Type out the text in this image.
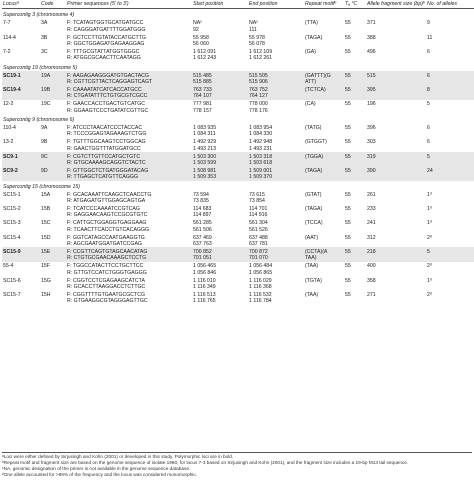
Locusᵃ	Code	Primer sequences (5′ to 3′)	Start position	End position	Repeat motifᵇ	Tₐ °C	Allele fragment size (bp)ᵇ	No. of alleles
Supercontig 3 (chromosome 4)								
7-7	3A	F: TCATAGTGGTGCATGATGCC	NAᶜ	NAᶜ	(TTA)	55	371	9
		R: CAGGGATGATTTTGGATGGG	92	111				
114-4	3B	F: GCTCCTTGTATACCATGCTTG	55 958	55 978	(TAGA)	55	388	11
		R: GGCTGGAGATGAGAAGGAG	56 060	56 078				
7-2	3C	F: TTTGCGTATTATGGTGGGC	1 612 091	1 612 109	(GA)	55	496	6
		R: ATGGCGCAACTTCAATAGG	1 612 243	1 612 261				
Supercontig 19 (chromosome 5)								
SC19-1	19A	F: AAGAGAAGGGATGTGACTACG	515 485	515 505	(GATTT)(G	55	515	6
		R: CGTTCGTTACTCAGGAGTCAGT	515 885	515 906	ATT)			
SC19-4	19B	F: CAAAATATCATCACCATGCC	763 733	763 752	(TCTCA)	55	395	8
		R: CTGATATTTCTGTGCGTCGCC	764 107	764 127				
12-2	19C	F: GAACCACCTGACTGTCATGC	777 981	778 000	(CA)	55	196	5
		R: GGAAGTCCCTGATATCGTTGC	778 157	778 176				
Supercontig 9 (chromosome 6)								
110-4	9A	F: ATCCCTAACATCCCTACCAC	1 083 935	1 083 954	(TATG)	55	396	6
		R: TCCCGGAGTAGAAAGTCTGG	1 084 311	1 084 330				
13-2	9B	F: TGTTTGGCAAGTCCTGGCAG	1 492 929	1 492 948	(GTGGT)	55	303	6
		R: GAACTGGTTTATGGATGCC	1 493 213	1 493 231				
SC9-1	9C	F: CGTCTTGTTCCATGCTGTC	1 503 300	1 503 318	(TGGA)	55	319	5
		R: GTGCAAAAGCAGGTCTACTC	1 503 599	1 503 618				
SC9-2	9D	F: GTTGGCTCTGATGGGATACAG	1 508 981	1 509 001	(TAGA)	55	390	24
		R: TTGAGCTCATGTTCAGGG	1 509 353	1 509 370				
Supercontig 15 (chromosome 15)								
SC15-1	15A	F: GCACAAATTCAAGCTCAACCTG	73 594	73 615	(GTAT)	55	261	1ᵈ
		R: ATGAGATGTTGGAGCAGTGA	73 835	73 854				
SC15-2	15B	F: TCATCCCAAAATCCGTCAG	114 683	114 701	(TAGA)	55	233	1ᵈ
		R: GAGGAACAAGTCCGCGTGTC	114 897	114 916				
SC15-3	15C	F: CATTGCTGGAGGTGAGGAAG	561 285	561 304	(TCCA)	55	241	1ᵈ
		R: TCAACTTCACCTGTCACAGGG	561 506	561 526				
SC15-4	15D	F: GGTCATAGCCAATGAAGGTG	637 469	637 488	(AAT)	55	312	2ᵈ
		R: AGCGAATGGATGATCCGAG	637 763	637 781				
SC15-9	15E	F: CCGTTCAGTGTAGCAACATAG	700 852	700 872	(CCTA)(A	55	218	5
		R: CTGTGCGAACAAAGCTCCTG	701 051	701 070	TAA)			
55-4	15F	F: TGGCCATACTTCCTGCTTCC	1 056 465	1 056 484	(TAA)	55	400	2ᵈ
		R: GTTGTCCATCTGGGTGAGGG	1 056 846	1 056 865				
SC15-6	15G	F: CGGTCCTCGAGAAGCATCTA	1 116 010	1 116 029	(TGTA)	55	358	1ᵈ
		R: GCACCTTAAGGACCTCTTGC	1 116 349	1 116 368				
SC15-7	15H	F: CGGTTTTGTGAATGCGCTCG	1 116 513	1 116 532	(TAA)	55	271	2ᵈ
		R: GTGAAGGCGTAGGGAGTTGC	1 116 765	1 116 784				
ᵃLoci were either defined by Sirjusingh and Kohn (2001) or developed in this study. Polymorphic loci are in bold.
ᵇRepeat motif and fragment size are based on the genome sequence of isolate 1980, for locus 7-3 based on Sirjusingh and Kohn (2001), and the fragment size includes a 19-bp M13 tail sequence.
ᶜNA, genomic designation of the primer is not available in the genome sequence database.
ᵈOne allele accounted for >98% of the frequency and the locus was considered monomorphic.
